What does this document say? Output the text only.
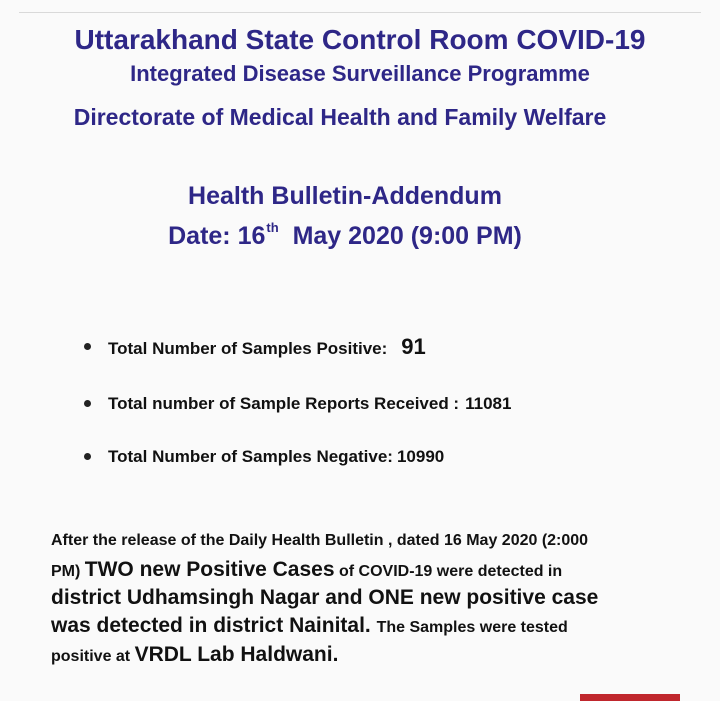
Uttarakhand State Control Room COVID-19
Integrated Disease Surveillance Programme
Directorate of Medical Health and Family Welfare
Health Bulletin-Addendum
Date: 16th May 2020 (9:00 PM)
Total Number of Samples Positive: 91
Total number of Sample Reports Received : 11081
Total Number of Samples Negative: 10990
After the release of the Daily Health Bulletin , dated 16 May 2020 (2:000
PM) TWO new Positive Cases of COVID-19 were detected in
district Udhamsingh Nagar and ONE new positive case
was detected in district Nainital. The Samples were tested
positive at VRDL Lab Haldwani.
